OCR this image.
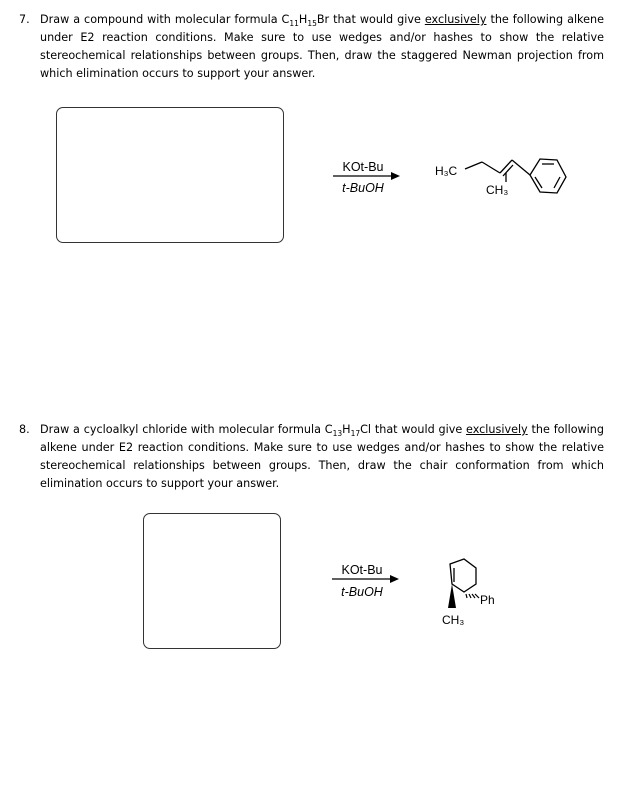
7. Draw a compound with molecular formula $C_{11}H_{15}Br$ that would give exclusively the following alkene under E2 reaction conditions. Make sure to use wedges and/or hashes to show the relative stereochemical relationships between groups. Then, draw the staggered Newman projection from which elimination occurs to support your answer.
KOt-Bu
t-BuOH
H₃C
CH₃
8. Draw a cycloalkyl chloride with molecular formula $C_{13}H_{17}Cl$ that would give exclusively the following alkene under E2 reaction conditions. Make sure to use wedges and/or hashes to show the relative stereochemical relationships between groups. Then, draw the chair conformation from which elimination occurs to support your answer.
KOt-Bu
t-BuOH
Ph
CH₃
